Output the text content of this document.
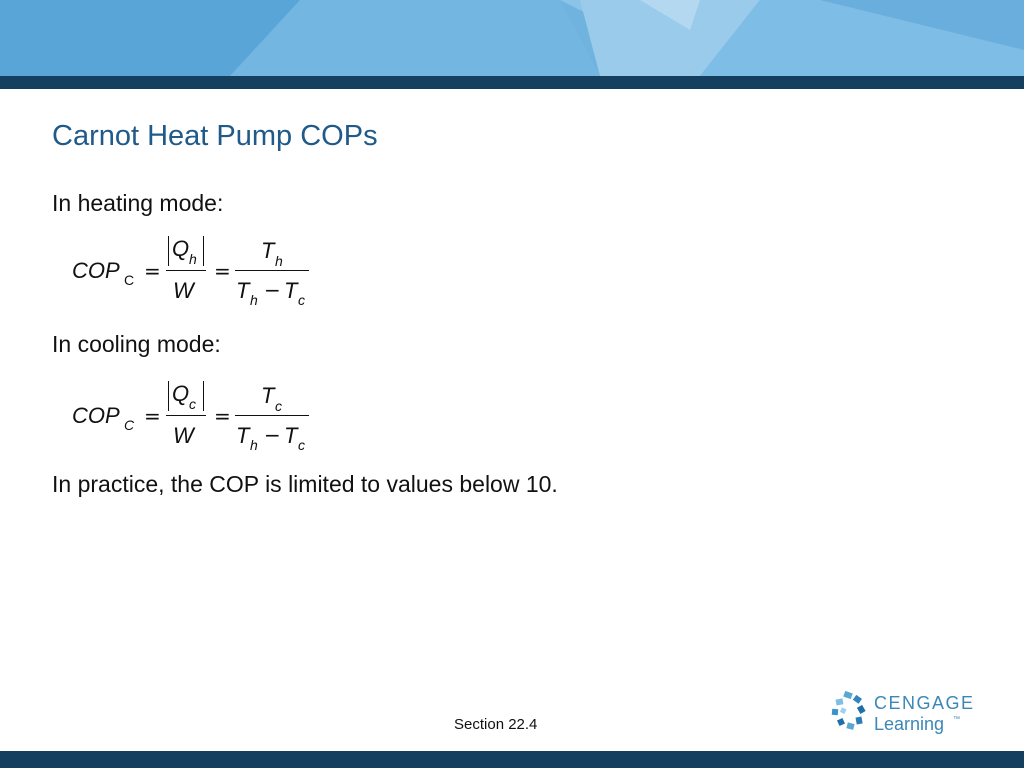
Carnot Heat Pump COPs
In heating mode:
COP C =
Q h
W
=
T h
T h − T c
In cooling mode:
COP C =
Q c
W
=
T c
T h − T c
In practice, the COP is limited to values below 10.
Section 22.4
CENGAGE
Learning ™
